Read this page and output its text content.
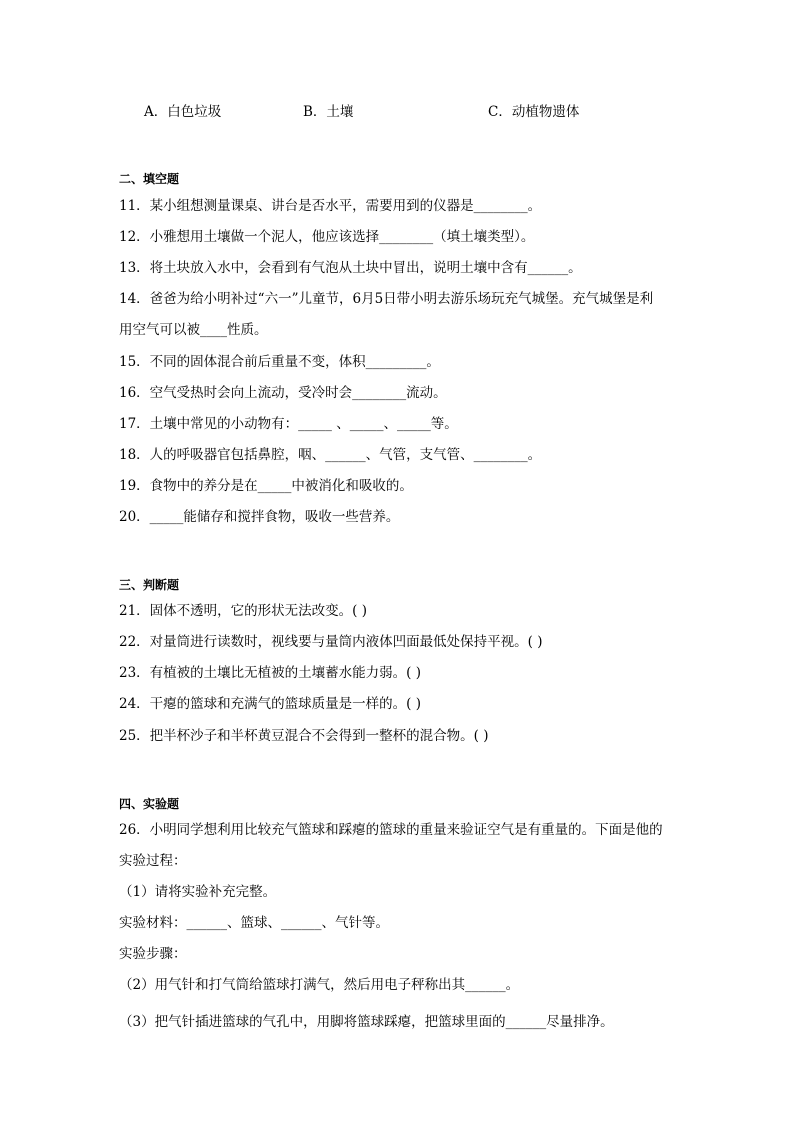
A．白色垃圾	B．土壤	C．动植物遗体
二、填空题
11．某小组想测量课桌、讲台是否水平，需要用到的仪器是________。
12．小雅想用土壤做一个泥人，他应该选择________（填土壤类型）。
13．将土块放入水中，会看到有气泡从土块中冒出，说明土壤中含有______。
14．爸爸为给小明补过“六一”儿童节，6月5日带小明去游乐场玩充气城堡。充气城堡是利
用空气可以被____性质。
15．不同的固体混合前后重量不变，体积_________。
16．空气受热时会向上流动，受冷时会________流动。
17．土壤中常见的小动物有：_____ 、_____、_____等。
18．人的呼吸器官包括鼻腔，咽、______、气管，支气管、________。
19．食物中的养分是在_____中被消化和吸收的。
20．_____能储存和搅拌食物，吸收一些营养。
三、判断题
21．固体不透明，它的形状无法改变。( )
22．对量筒进行读数时，视线要与量筒内液体凹面最低处保持平视。( )
23．有植被的土壤比无植被的土壤蓄水能力弱。( )
24．干瘪的篮球和充满气的篮球质量是一样的。( )
25．把半杯沙子和半杯黄豆混合不会得到一整杯的混合物。( )
四、实验题
26．小明同学想利用比较充气篮球和踩瘪的篮球的重量来验证空气是有重量的。下面是他的
实验过程：
（1）请将实验补充完整。
实验材料：______、篮球、______、气针等。
实验步骤：
（2）用气针和打气筒给篮球打满气，然后用电子秤称出其______。
（3）把气针插进篮球的气孔中，用脚将篮球踩瘪，把篮球里面的______尽量排净。
